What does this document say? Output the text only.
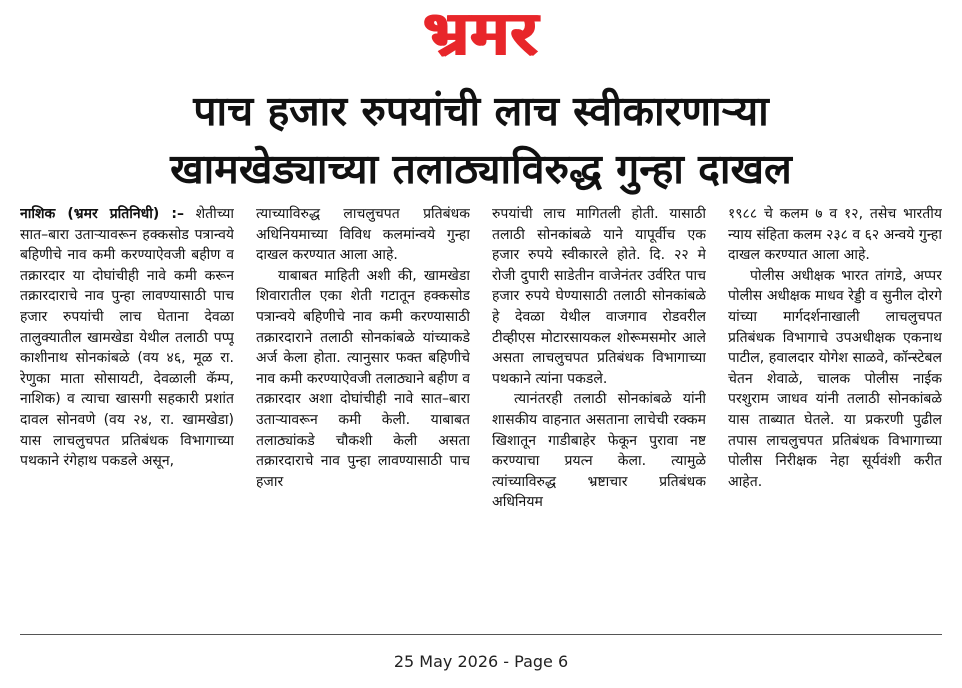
भ्रमर
पाच हजार रुपयांची लाच स्वीकारणाऱ्या
खामखेड्याच्या तलाठ्याविरुद्ध गुन्हा दाखल

नाशिक (भ्रमर प्रतिनिधी) :– शेतीच्या सात–बारा उताऱ्यावरून हक्कसोड पत्रान्वये बहिणीचे नाव कमी करण्याऐवजी बहीण व तक्रारदार या दोघांचीही नावे कमी करून तक्रारदाराचे नाव पुन्हा लावण्यासाठी पाच हजार रुपयांची लाच घेताना देवळा तालुक्यातील खामखेडा येथील तलाठी पप्पू काशीनाथ सोनकांबळे (वय ४६, मूळ रा. रेणुका माता सोसायटी, देवळाली कॅम्प, नाशिक) व त्याचा खासगी सहकारी प्रशांत दावल सोनवणे (वय २४, रा. खामखेडा) यास लाचलुचपत प्रतिबंधक विभागाच्या पथकाने रंगेहाथ पकडले असून,

त्याच्याविरुद्ध लाचलुचपत प्रतिबंधक अधिनियमाच्या विविध कलमांन्वये गुन्हा दाखल करण्यात आला आहे.

याबाबत माहिती अशी की, खामखेडा शिवारातील एका शेती गटातून हक्कसोड पत्रान्वये बहिणीचे नाव कमी करण्यासाठी तक्रारदाराने तलाठी सोनकांबळे यांच्याकडे अर्ज केला होता. त्यानुसार फक्त बहिणीचे नाव कमी करण्याऐवजी तलाठ्याने बहीण व तक्रारदार अशा दोघांचीही नावे सात–बारा उताऱ्यावरून कमी केली. याबाबत तलाठ्यांकडे चौकशी केली असता तक्रारदाराचे नाव पुन्हा लावण्यासाठी पाच हजार

रुपयांची लाच मागितली होती. यासाठी तलाठी सोनकांबळे याने यापूर्वीच एक हजार रुपये स्वीकारले होते. दि. २२ मे रोजी दुपारी साडेतीन वाजेनंतर उर्वरित पाच हजार रुपये घेण्यासाठी तलाठी सोनकांबळे हे देवळा येथील वाजगाव रोडवरील टीव्हीएस मोटारसायकल शोरूमसमोर आले असता लाचलुचपत प्रतिबंधक विभागाच्या पथकाने त्यांना पकडले.

त्यानंतरही तलाठी सोनकांबळे यांनी शासकीय वाहनात असताना लाचेची रक्कम खिशातून गाडीबाहेर फेकून पुरावा नष्ट करण्याचा प्रयत्न केला. त्यामुळे त्यांच्याविरुद्ध भ्रष्टाचार प्रतिबंधक अधिनियम

१९८८ चे कलम ७ व १२, तसेच भारतीय न्याय संहिता कलम २३८ व ६२ अन्वये गुन्हा दाखल करण्यात आला आहे.

पोलीस अधीक्षक भारत तांगडे, अप्पर पोलीस अधीक्षक माधव रेड्डी व सुनील दोरगे यांच्या मार्गदर्शनाखाली लाचलुचपत प्रतिबंधक विभागाचे उपअधीक्षक एकनाथ पाटील, हवालदार योगेश साळवे, कॉन्स्टेबल चेतन शेवाळे, चालक पोलीस नाईक परशुराम जाधव यांनी तलाठी सोनकांबळे यास ताब्यात घेतले. या प्रकरणी पुढील तपास लाचलुचपत प्रतिबंधक विभागाच्या पोलीस निरीक्षक नेहा सूर्यवंशी करीत आहेत.

25 May 2026 - Page 6
